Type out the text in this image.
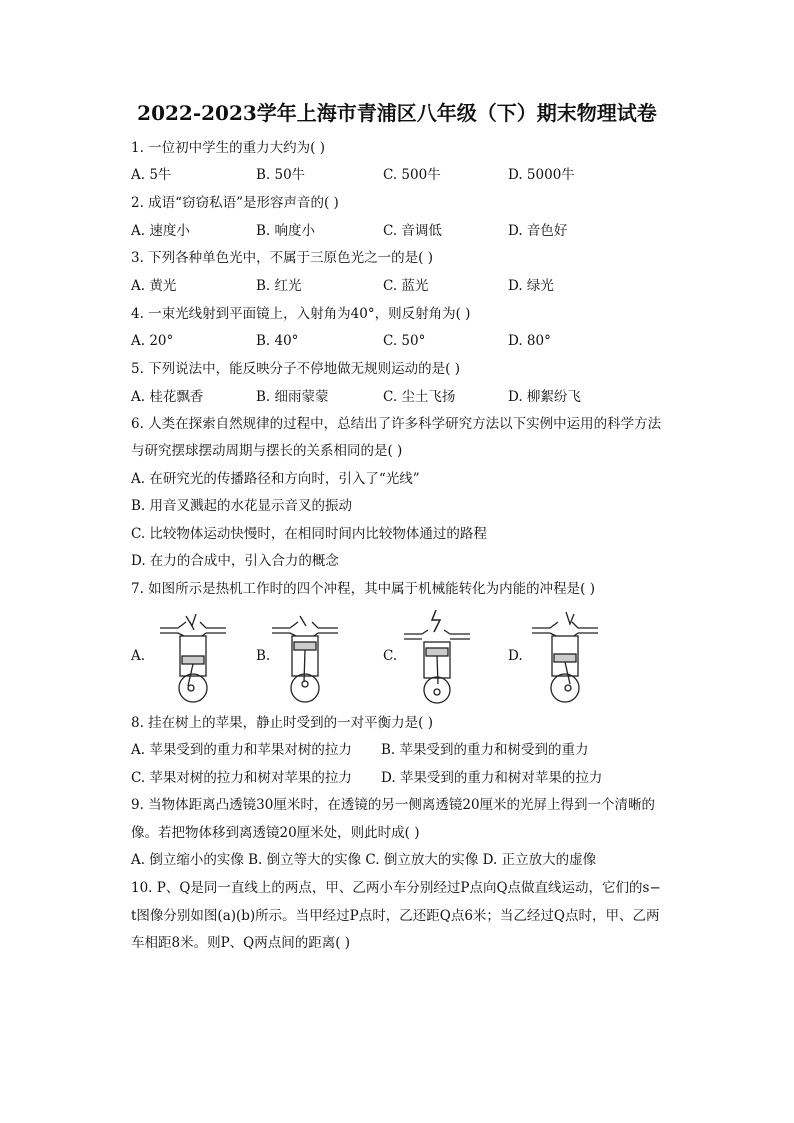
2022-2023学年上海市青浦区八年级（下）期末物理试卷
1. 一位初中学生的重力大约为( )
A. 5牛	B. 50牛	C. 500牛	D. 5000牛
2. 成语“窃窃私语”是形容声音的( )
A. 速度小	B. 响度小	C. 音调低	D. 音色好
3. 下列各种单色光中，不属于三原色光之一的是( )
A. 黄光	B. 红光	C. 蓝光	D. 绿光
4. 一束光线射到平面镜上，入射角为40°，则反射角为( )
A. 20°	B. 40°	C. 50°	D. 80°
5. 下列说法中，能反映分子不停地做无规则运动的是( )
A. 桂花飘香	B. 细雨蒙蒙	C. 尘土飞扬	D. 柳絮纷飞
6. 人类在探索自然规律的过程中，总结出了许多科学研究方法以下实例中运用的科学方法
与研究摆球摆动周期与摆长的关系相同的是( )
A. 在研究光的传播路径和方向时，引入了“光线”
B. 用音叉溅起的水花显示音叉的振动
C. 比较物体运动快慢时，在相同时间内比较物体通过的路程
D. 在力的合成中，引入合力的概念
7. 如图所示是热机工作时的四个冲程，其中属于机械能转化为内能的冲程是( )
A.	B.	C.	D.
8. 挂在树上的苹果，静止时受到的一对平衡力是( )
A. 苹果受到的重力和苹果对树的拉力 B. 苹果受到的重力和树受到的重力
C. 苹果对树的拉力和树对苹果的拉力 D. 苹果受到的重力和树对苹果的拉力
9. 当物体距离凸透镜30厘米时，在透镜的另一侧离透镜20厘米的光屏上得到一个清晰的
像。若把物体移到离透镜20厘米处，则此时成( )
A. 倒立缩小的实像 B. 倒立等大的实像 C. 倒立放大的实像 D. 正立放大的虚像
10. P、Q是同一直线上的两点，甲、乙两小车分别经过P点向Q点做直线运动，它们的s−
t图像分别如图(a)(b)所示。当甲经过P点时，乙还距Q点6米；当乙经过Q点时，甲、乙两
车相距8米。则P、Q两点间的距离( )
